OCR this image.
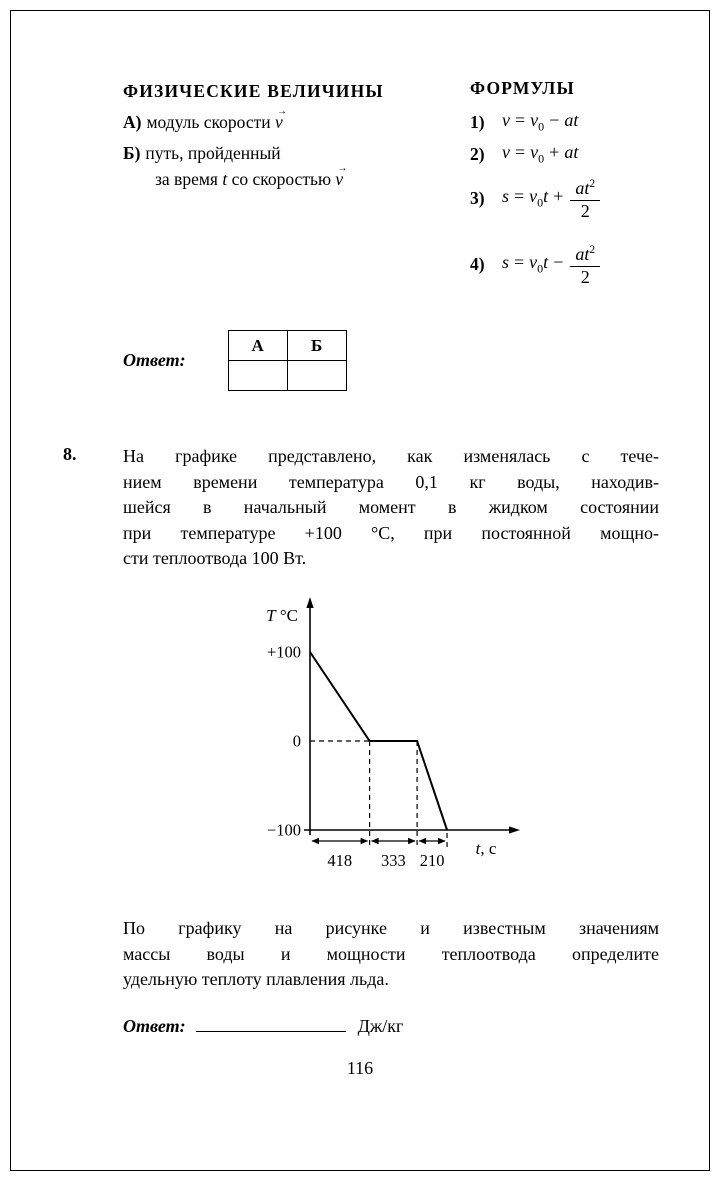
ФИЗИЧЕСКИЕ ВЕЛИЧИНЫ
А) модуль скорости v
→
Б) путь, пройденный
за время t со скоростью v
→
ФОРМУЛЫ
1) $v = v_0$ − at
2) $v = v_0$ + at
3) $s = v_0t + \frac{at^2}{2}$
4) $s = v_0t - \frac{at^2}{2}$
Ответ:
А	Б

8.	На графике представлено, как изменялась с тече-
нием времени температура 0,1 кг воды, находив-
шейся в начальный момент в жидком состоянии
при температуре +100 °С, при постоянной мощно-
сти теплоотвода 100 Вт.
+100
0
−100
418 333 210
T °C
t, c
По графику на рисунке и известным значениям
массы воды и мощности теплоотвода определите
удельную теплоту плавления льда.
Ответ:	Дж/кг
116
